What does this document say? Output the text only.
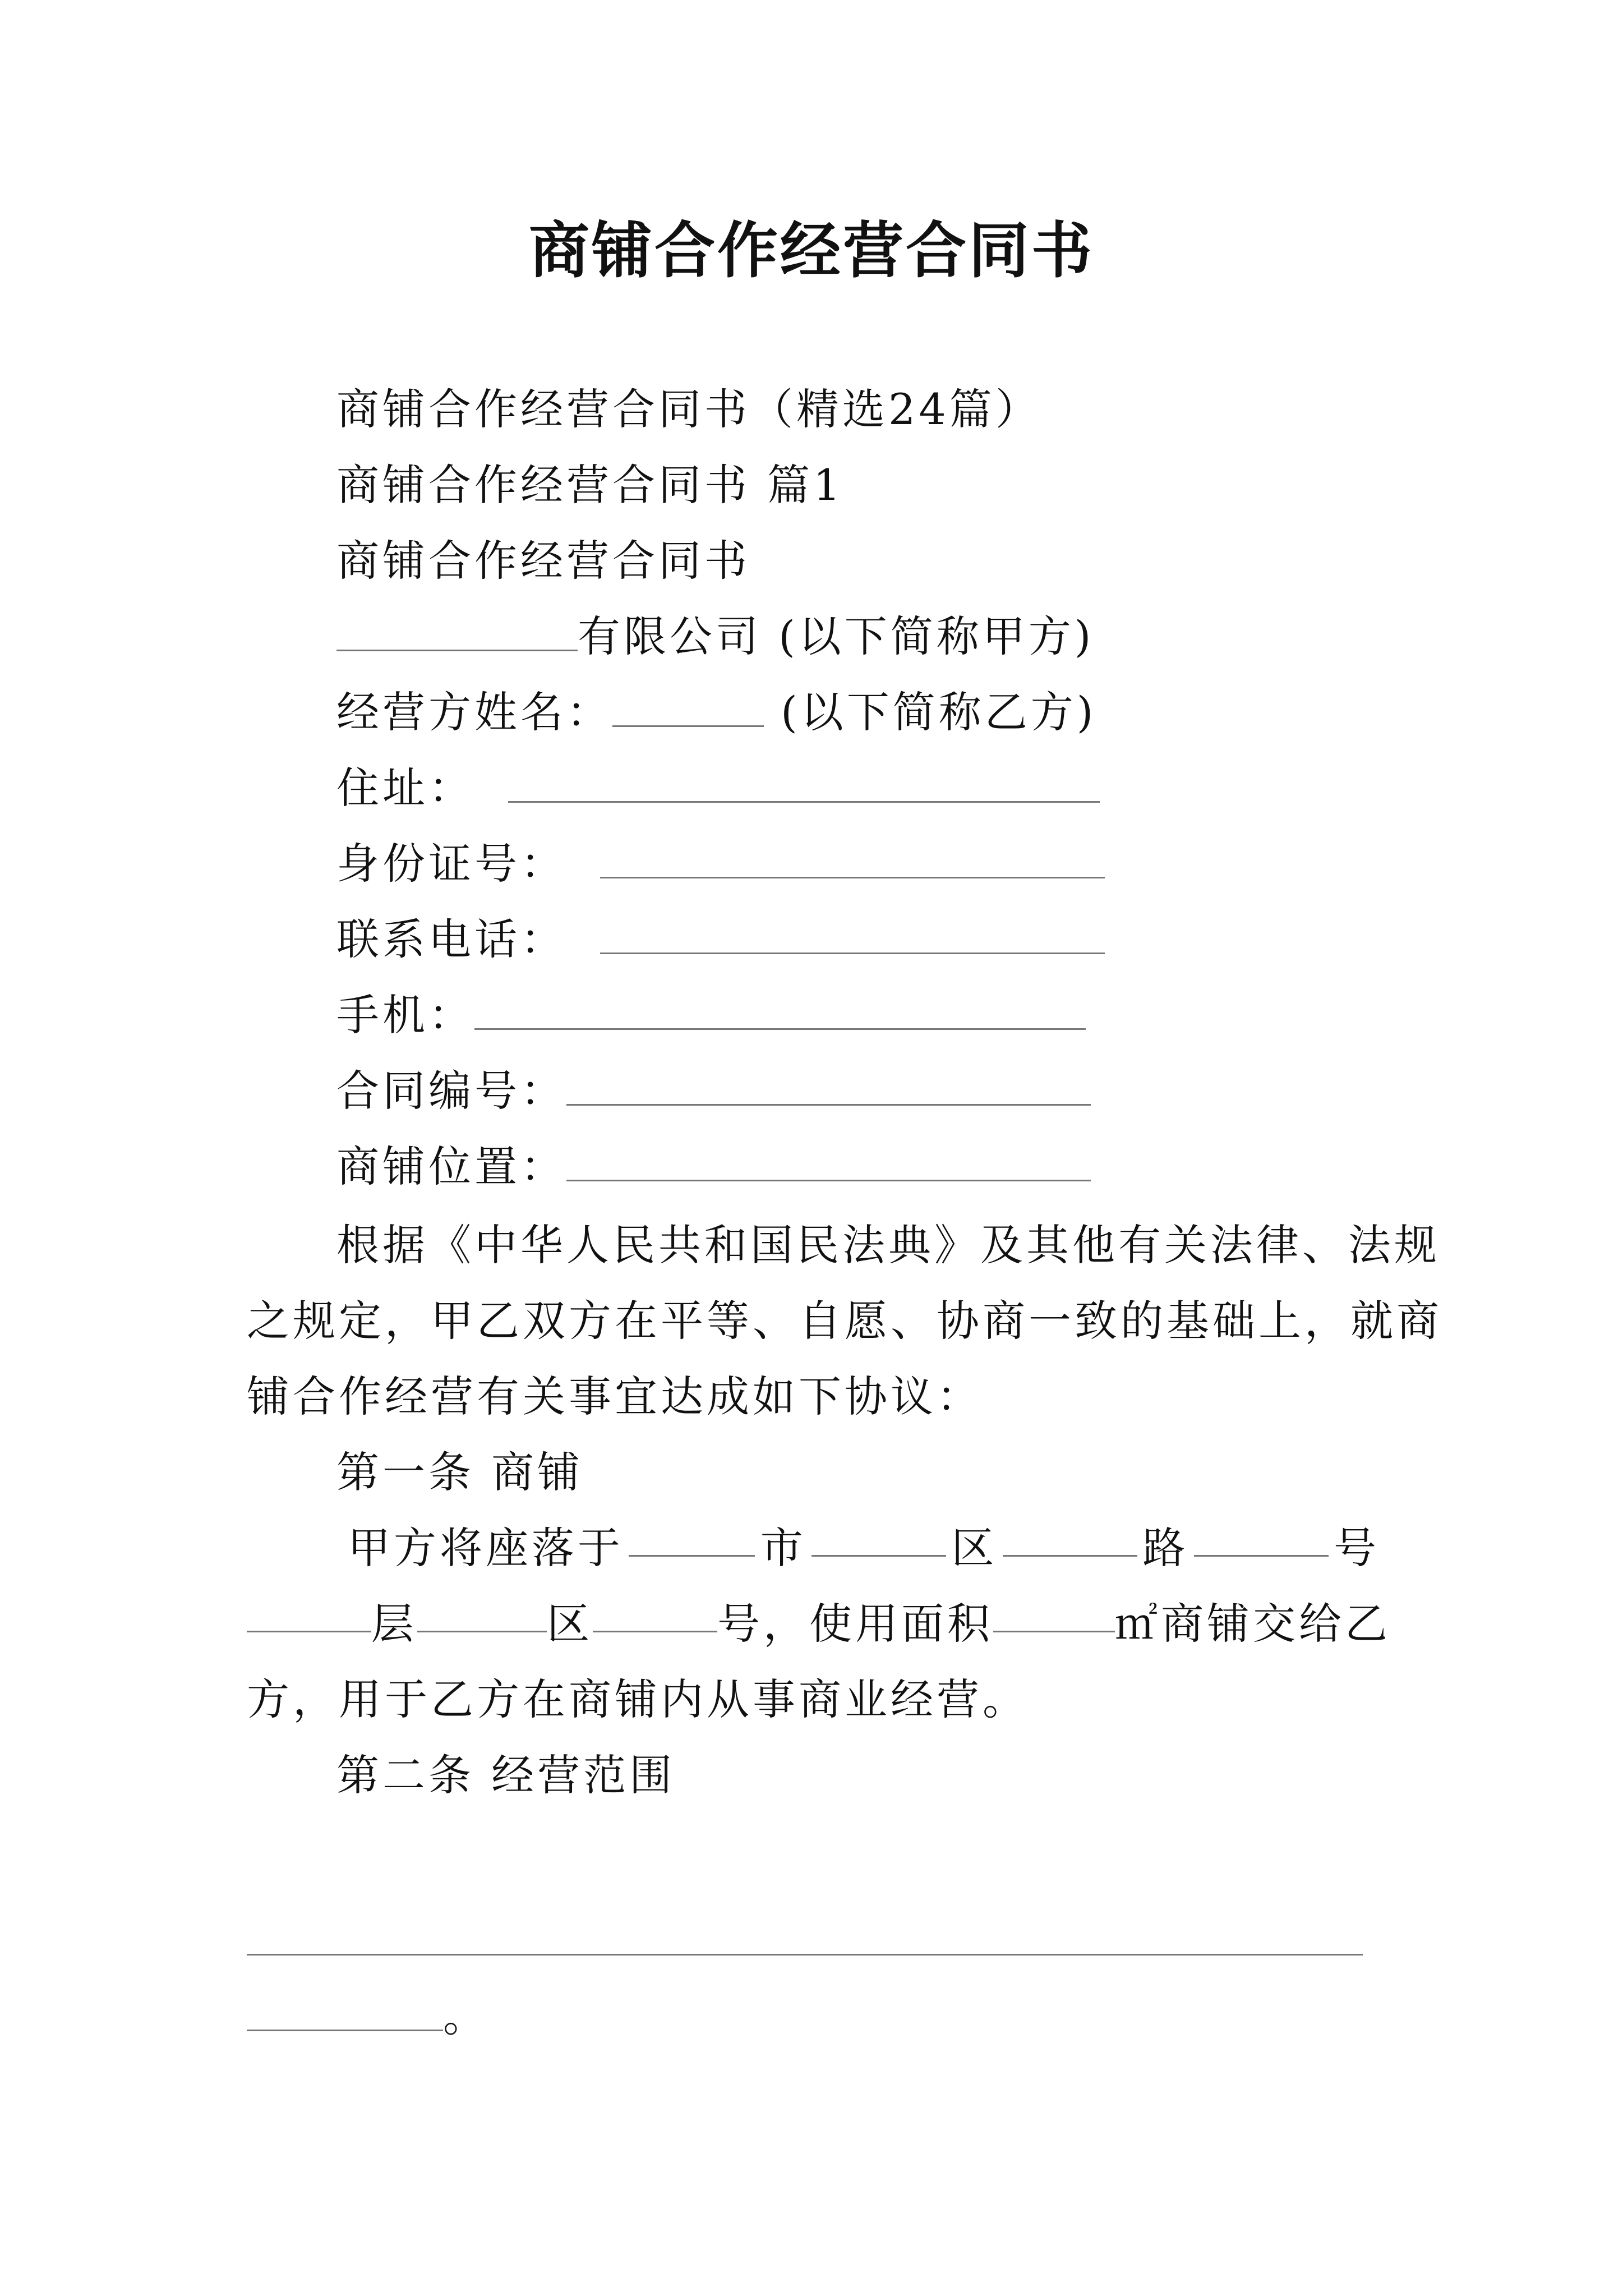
商铺合作经营合同书
商铺合作经营合同书（精选24篇）
商铺合作经营合同书 篇1
商铺合作经营合同书
有限公司 (以下简称甲方)
经营方姓名：	(以下简称乙方)
住址：
身份证号：
联系电话：
手机：
合同编号：
商铺位置：
根据《中华人民共和国民法典》及其他有关法律、法规
之规定，甲乙双方在平等、自愿、协商一致的基础上，就商
铺合作经营有关事宜达成如下协议：
第一条 商铺
甲方将座落于	市	区	路	号
层	区	号，使用面积	㎡商铺交给乙
方，用于乙方在商铺内从事商业经营。
第二条 经营范围
。
